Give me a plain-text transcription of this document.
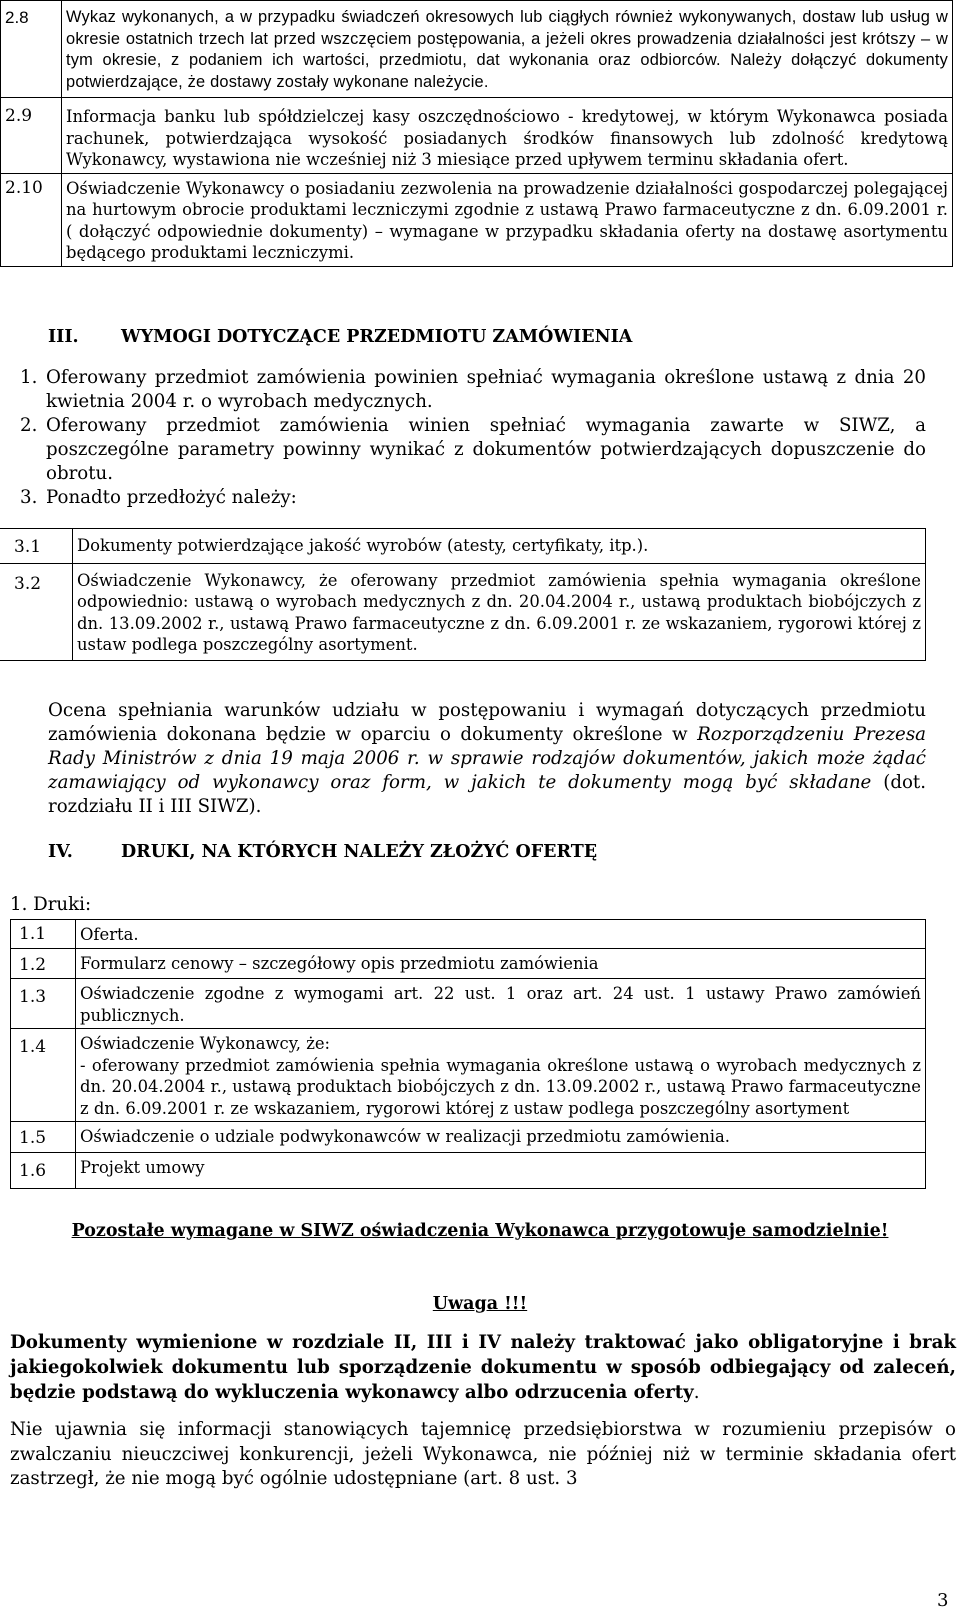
2.8	Wykaz wykonanych, a w przypadku świadczeń okresowych lub ciągłych również wykonywanych, dostaw lub usług w okresie ostatnich trzech lat przed wszczęciem postępowania, a jeżeli okres prowadzenia działalności jest krótszy – w tym okresie, z podaniem ich wartości, przedmiotu, dat wykonania oraz odbiorców. Należy dołączyć dokumenty potwierdzające, że dostawy zostały wykonane należycie.
2.9	Informacja banku lub spółdzielczej kasy oszczędnościowo - kredytowej, w którym Wykonawca posiada rachunek, potwierdzająca wysokość posiadanych środków finansowych lub zdolność kredytową Wykonawcy, wystawiona nie wcześniej niż 3 miesiące przed upływem terminu składania ofert.
2.10	Oświadczenie Wykonawcy o posiadaniu zezwolenia na prowadzenie działalności gospodarczej polegającej na hurtowym obrocie produktami leczniczymi zgodnie z ustawą Prawo farmaceutyczne z dn. 6.09.2001 r. ( dołączyć odpowiednie dokumenty) – wymagane w przypadku składania oferty na dostawę asortymentu będącego produktami leczniczymi.
III. WYMOGI DOTYCZĄCE PRZEDMIOTU ZAMÓWIENIA
1. Oferowany przedmiot zamówienia powinien spełniać wymagania określone ustawą z dnia 20 kwietnia 2004 r. o wyrobach medycznych.
2. Oferowany przedmiot zamówienia winien spełniać wymagania zawarte w SIWZ, a poszczególne parametry powinny wynikać z dokumentów potwierdzających dopuszczenie do obrotu.
3. Ponadto przedłożyć należy:
3.1	Dokumenty potwierdzające jakość wyrobów (atesty, certyfikaty, itp.).
3.2	Oświadczenie Wykonawcy, że oferowany przedmiot zamówienia spełnia wymagania określone odpowiednio: ustawą o wyrobach medycznych z dn. 20.04.2004 r., ustawą produktach biobójczych z dn. 13.09.2002 r., ustawą Prawo farmaceutyczne z dn. 6.09.2001 r. ze wskazaniem, rygorowi której z ustaw podlega poszczególny asortyment.
Ocena spełniania warunków udziału w postępowaniu i wymagań dotyczących przedmiotu zamówienia dokonana będzie w oparciu o dokumenty określone w Rozporządzeniu Prezesa Rady Ministrów z dnia 19 maja 2006 r. w sprawie rodzajów dokumentów, jakich może żądać zamawiający od wykonawcy oraz form, w jakich te dokumenty mogą być składane (dot. rozdziału II i III SIWZ).
IV.	DRUKI, NA KTÓRYCH NALEŻY ZŁOŻYĆ OFERTĘ
1. Druki:
1.1	Oferta.
1.2	Formularz cenowy – szczegółowy opis przedmiotu zamówienia
1.3	Oświadczenie zgodne z wymogami art. 22 ust. 1 oraz art. 24 ust. 1 ustawy Prawo zamówień publicznych.
1.4	Oświadczenie Wykonawcy, że:
- oferowany przedmiot zamówienia spełnia wymagania określone ustawą o wyrobach medycznych z dn. 20.04.2004 r., ustawą produktach biobójczych z dn. 13.09.2002 r., ustawą Prawo farmaceutyczne z dn. 6.09.2001 r. ze wskazaniem, rygorowi której z ustaw podlega poszczególny asortyment

1.5	Oświadczenie o udziale podwykonawców w realizacji przedmiotu zamówienia.
1.6	Projekt umowy
Pozostałe wymagane w SIWZ oświadczenia Wykonawca przygotowuje samodzielnie!
Uwaga !!!
Dokumenty wymienione w rozdziale II, III i IV należy traktować jako obligatoryjne i brak jakiegokolwiek dokumentu lub sporządzenie dokumentu w sposób odbiegający od zaleceń, będzie podstawą do wykluczenia wykonawcy albo odrzucenia oferty.
Nie ujawnia się informacji stanowiących tajemnicę przedsiębiorstwa w rozumieniu przepisów o zwalczaniu nieuczciwej konkurencji, jeżeli Wykonawca, nie później niż w terminie składania ofert zastrzegł, że nie mogą być ogólnie udostępniane (art. 8 ust. 3
3
